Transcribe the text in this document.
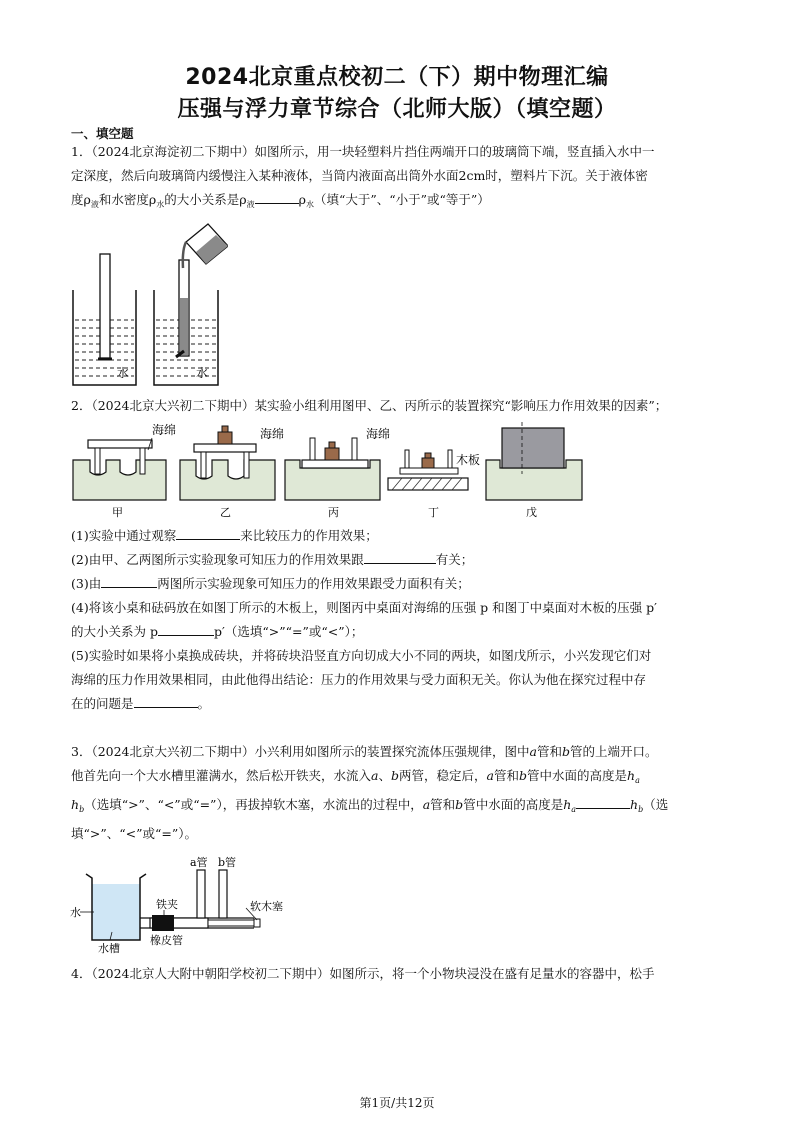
2024北京重点校初二（下）期中物理汇编
压强与浮力章节综合（北师大版）（填空题）
一、填空题
1．（2024北京海淀初二下期中）如图所示，用一块轻塑料片挡住两端开口的玻璃筒下端，竖直插入水中一
定深度，然后向玻璃筒内缓慢注入某种液体，当筒内液面高出筒外水面2cm时，塑料片下沉。关于液体密
度$\rho_液$和水密度$\rho_水$的大小关系是$\rho_液$	$\rho_水$（填“大于”、“小于”或“等于”）
水	水
2．（2024北京大兴初二下期中）某实验小组利用图甲、乙、丙所示的装置探究“影响压力作用效果的因素”；
海绵
甲
海绵
乙
海绵
丙
木板
丁	戊
(1)实验中通过观察	来比较压力的作用效果；
(2)由甲、乙两图所示实验现象可知压力的作用效果跟	有关；
(3)由	两图所示实验现象可知压力的作用效果跟受力面积有关；
(4)将该小桌和砝码放在如图丁所示的木板上，则图丙中桌面对海绵的压强 p 和图丁中桌面对木板的压强 p′
的大小关系为 p	p′（选填“>”“=”或“<”）；
(5)实验时如果将小桌换成砖块，并将砖块沿竖直方向切成大小不同的两块，如图戊所示，小兴发现它们对
海绵的压力作用效果相同，由此他得出结论：压力的作用效果与受力面积无关。你认为他在探究过程中存
在的问题是	。
3．（2024北京大兴初二下期中）小兴利用如图所示的装置探究流体压强规律，图中a管和b管的上端开口。
他首先向一个大水槽里灌满水，然后松开铁夹，水流入a、b两管，稳定后，a管和b管中水面的高度是$h_a$
$h_b$（选填“>”、“<”或“=”），再拔掉软木塞，水流出的过程中，a管和b管中水面的高度是$h_a$	$h_b$（选
填“>”、“<”或“=”）。
水
水槽
铁夹
橡皮管
a管 b管
软木塞
4．（2024北京人大附中朝阳学校初二下期中）如图所示，将一个小物块浸没在盛有足量水的容器中，松手
第1页/共12页
